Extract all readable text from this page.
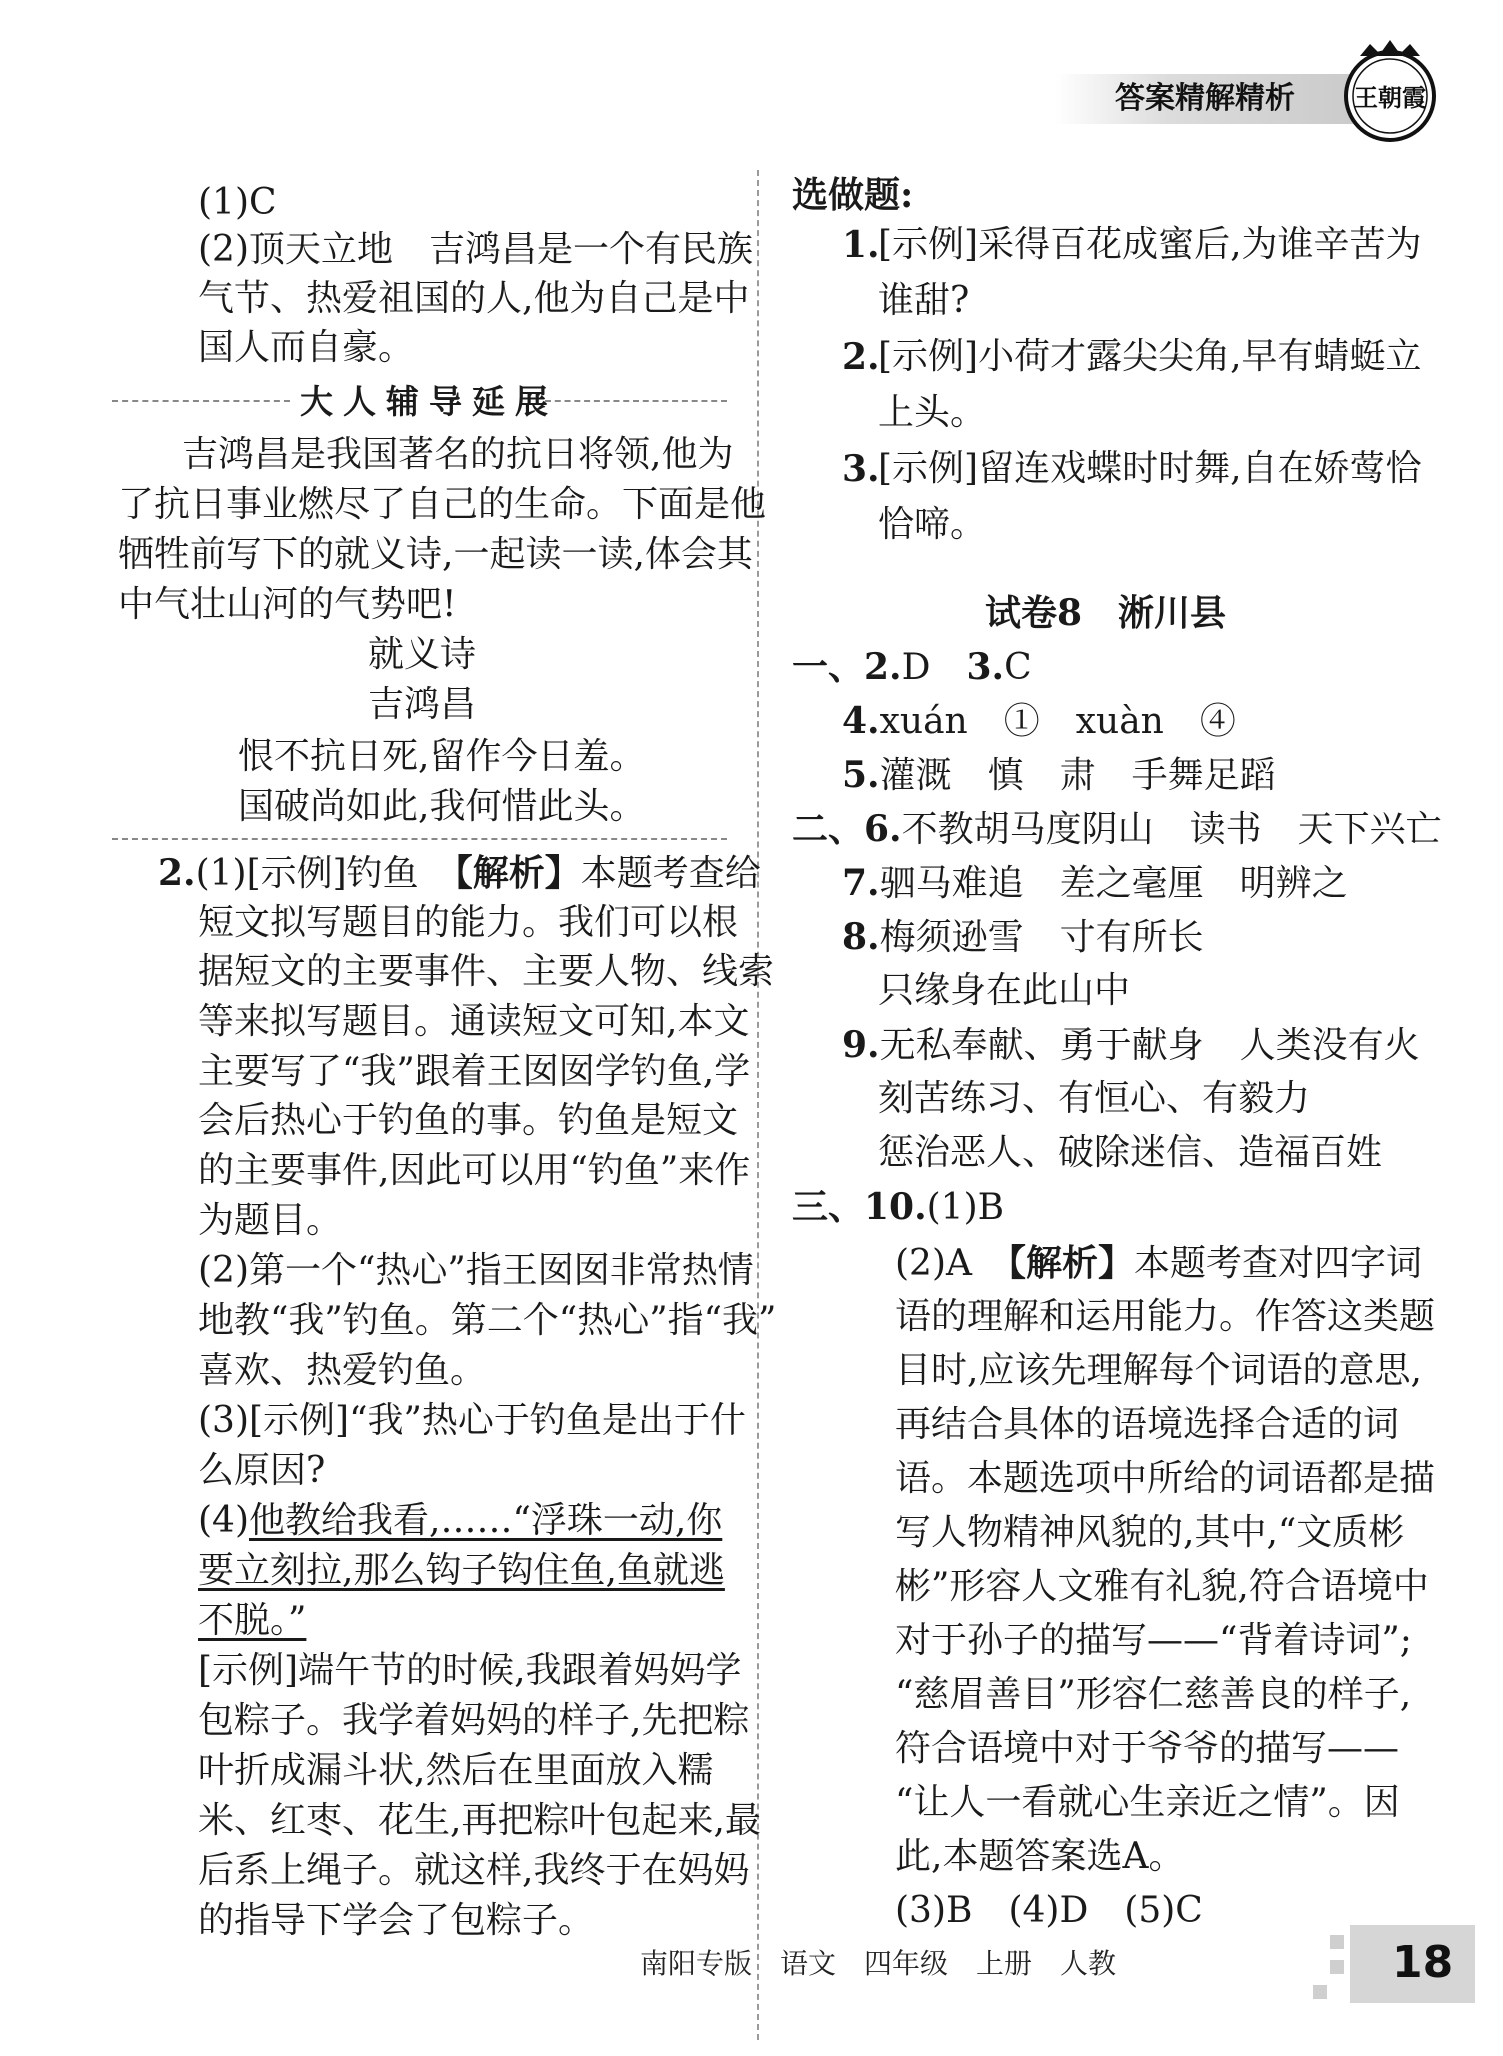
答案精解精析 王朝霞
(1)C
(2)顶天立地　吉鸿昌是一个有民族
气节、热爱祖国的人,他为自己是中
国人而自豪。
大人辅导延展
吉鸿昌是我国著名的抗日将领,他为
了抗日事业燃尽了自己的生命。下面是他
牺牲前写下的就义诗,一起读一读,体会其
中气壮山河的气势吧!
就义诗
吉鸿昌
恨不抗日死,留作今日羞。
国破尚如此,我何惜此头。
2.(1)[示例]钓鱼　【解析】本题考查给
短文拟写题目的能力。我们可以根
据短文的主要事件、主要人物、线索
等来拟写题目。通读短文可知,本文
主要写了“我”跟着王囡囡学钓鱼,学
会后热心于钓鱼的事。钓鱼是短文
的主要事件,因此可以用“钓鱼”来作
为题目。
(2)第一个“热心”指王囡囡非常热情
地教“我”钓鱼。第二个“热心”指“我”
喜欢、热爱钓鱼。
(3)[示例]“我”热心于钓鱼是出于什
么原因?
(4)他教给我看,……“浮珠一动,你
要立刻拉,那么钩子钩住鱼,鱼就逃
不脱。”
[示例]端午节的时候,我跟着妈妈学
包粽子。我学着妈妈的样子,先把粽
叶折成漏斗状,然后在里面放入糯
米、红枣、花生,再把粽叶包起来,最
后系上绳子。就这样,我终于在妈妈
的指导下学会了包粽子。
选做题:
1.
[示例]采得百花成蜜后,为谁辛苦为
谁甜?
2.
[示例]小荷才露尖尖角,早有蜻蜓立
上头。
3.
[示例]留连戏蝶时时舞,自在娇莺恰
恰啼。
试卷8　淅川县
一、2.D　3.C
4.xuán　①　xuàn　④
5.灌溉　慎　肃　手舞足蹈
二、6.不教胡马度阴山　读书　天下兴亡
7.驷马难追　差之毫厘　明辨之
8.梅须逊雪　寸有所长
只缘身在此山中
9.无私奉献、勇于献身　人类没有火
刻苦练习、有恒心、有毅力
惩治恶人、破除迷信、造福百姓
三、10.(1)B
(2)A　【解析】本题考查对四字词
语的理解和运用能力。作答这类题
目时,应该先理解每个词语的意思,
再结合具体的语境选择合适的词
语。本题选项中所给的词语都是描
写人物精神风貌的,其中,“文质彬
彬”形容人文雅有礼貌,符合语境中
对于孙子的描写——“背着诗词”;
“慈眉善目”形容仁慈善良的样子,
符合语境中对于爷爷的描写——
“让人一看就心生亲近之情”。因
此,本题答案选A。
(3)B　(4)D　(5)C
南阳专版　语文　四年级　上册　人教	18
